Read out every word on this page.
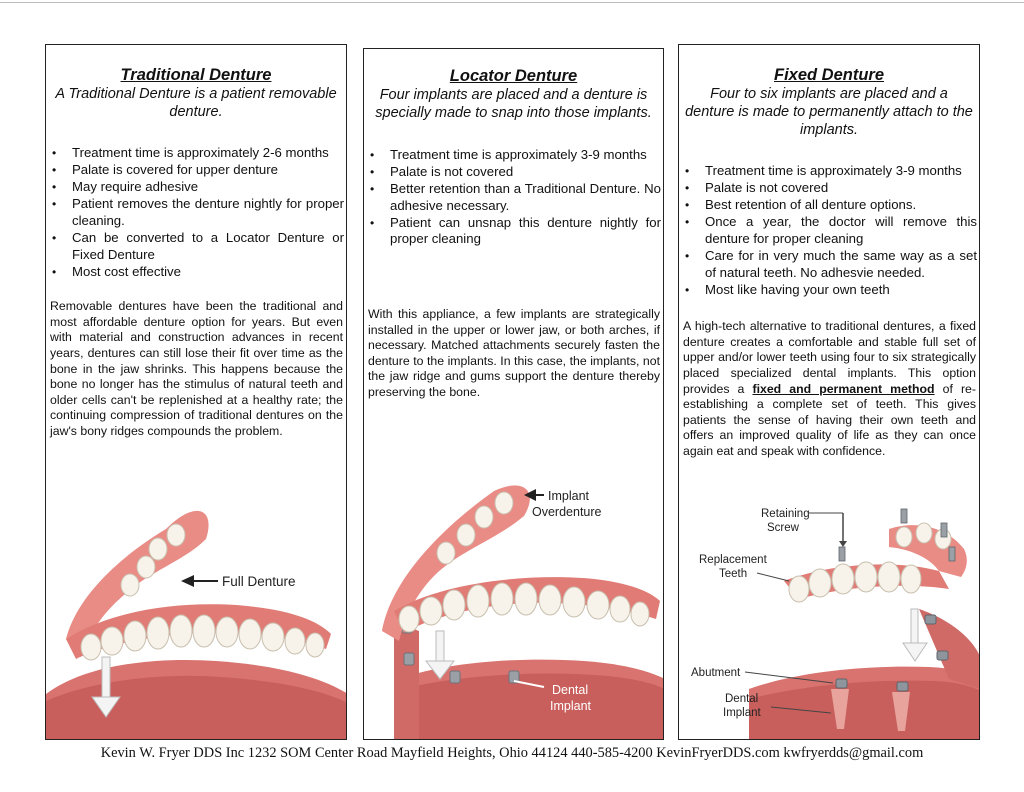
Traditional Denture
A Traditional Denture is a patient removable denture.
• Treatment time is approximately 2-6 months
• Palate is covered for upper denture
• May require adhesive
• Patient removes the denture nightly for proper cleaning.
• Can be converted to a Locator Denture or Fixed Denture
• Most cost effective

Removable dentures have been the traditional and most affordable denture option for years. But even with material and construction advances in recent years, dentures can still lose their fit over time as the bone in the jaw shrinks. This happens because the bone no longer has the stimulus of natural teeth and older cells can't be replenished at a healthy rate; the continuing compression of traditional dentures on the jaw's bony ridges compounds the problem.

Full Denture
Locator Denture
Four implants are placed and a denture is specially made to snap into those implants.
• Treatment time is approximately 3-9 months
• Palate is not covered
• Better retention than a Traditional Denture. No adhesive necessary.
• Patient can unsnap this denture nightly for proper cleaning

With this appliance, a few implants are strategically installed in the upper or lower jaw, or both arches, if necessary. Matched attachments securely fasten the denture to the implants. In this case, the implants, not the jaw ridge and gums support the denture thereby preserving the bone.

Implant
Overdenture
Dental
Implant
Fixed Denture
Four to six implants are placed and a denture is made to permanently attach to the implants.
• Treatment time is approximately 3-9 months
• Palate is not covered
• Best retention of all denture options.
• Once a year, the doctor will remove this denture for proper cleaning
• Care for in very much the same way as a set of natural teeth. No adhesvie needed.
• Most like having your own teeth

A high-tech alternative to traditional dentures, a fixed denture creates a comfortable and stable full set of upper and/or lower teeth using four to six strategically placed specialized dental implants. This option provides a fixed and permanent method of re-establishing a complete set of teeth. This gives patients the sense of having their own teeth and offers an improved quality of life as they can once again eat and speak with confidence.

Retaining
Screw
Replacement
Teeth
Abutment
Dental
Implant
Kevin W. Fryer DDS Inc 1232 SOM Center Road Mayfield Heights, Ohio 44124 440-585-4200 KevinFryerDDS.com kwfryerdds@gmail.com
